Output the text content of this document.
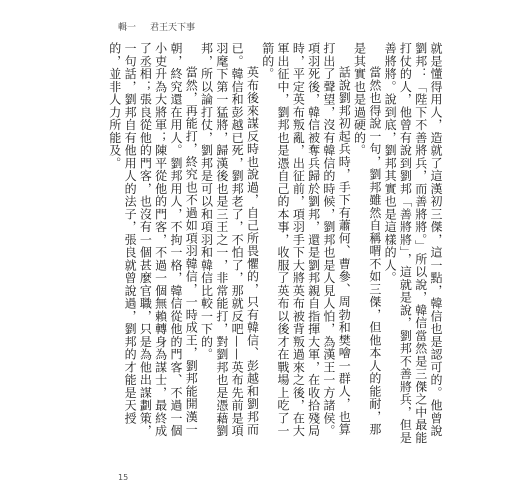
輯一 君王天下事

就是懂得用人，造就了這漢初三傑，這一點，韓信也是認可的。他曾說劉邦：「陛下不善將兵，而善將將。」所以說，韓信當然是三傑之中最能打仗的人，他曾有說到劉邦「善將將」，這就是說，劉邦不善將兵，但是善將將。說到底，劉邦其實也是這樣的人。

當然也得說一句，劉邦雖然自稱喟不如三傑，但他本人的能耐，那是其實也是過硬的。

話說劉邦初起兵時，手下有蕭何、曹參、周勃和樊噲一群人，也算打出了聲望，沒有韓信的時候，劉邦也是人見人怕，為漢王一方諸侯。項羽死後，韓信被奪兵歸於劉邦，還是劉邦親自指揮大軍，在收拾殘局時，平定英布叛亂，出征前，項羽手下大將英布被背叛過來之後，在大軍出征中，劉邦也是憑自己的本事，收服了英布以後才在戰場上吃了一箭的。

英布後來謀反時也說過，自己所畏懼的，只有韓信、彭越和劉邦而已。韓信和彭越已死，劉邦老了，不怕了，那就反吧——英布先前是項羽麾下第一猛將，歸漢後也是三王之一，非常能打，對劉邦也是憑藉劉邦，所以論打仗，劉邦是可以和項羽和韓信比較一下的。

當然，再能打，終究也不過如項羽韓信，一時成王，劉邦能開漢一朝，終究還在用人。劉邦用人，不拘一格，韓信從他的門客、不過一個小吏升為大將軍；陳平從他的門客，不過一個無賴轉身為謀士，最終成了丞相；張良從他的門客，也沒有一個甚麼官職，只是為他出謀劃策，一句話，劉邦自有他用人的法子，張良就曾說過，劉邦的才能是天授的，並非人力所能及。

15
